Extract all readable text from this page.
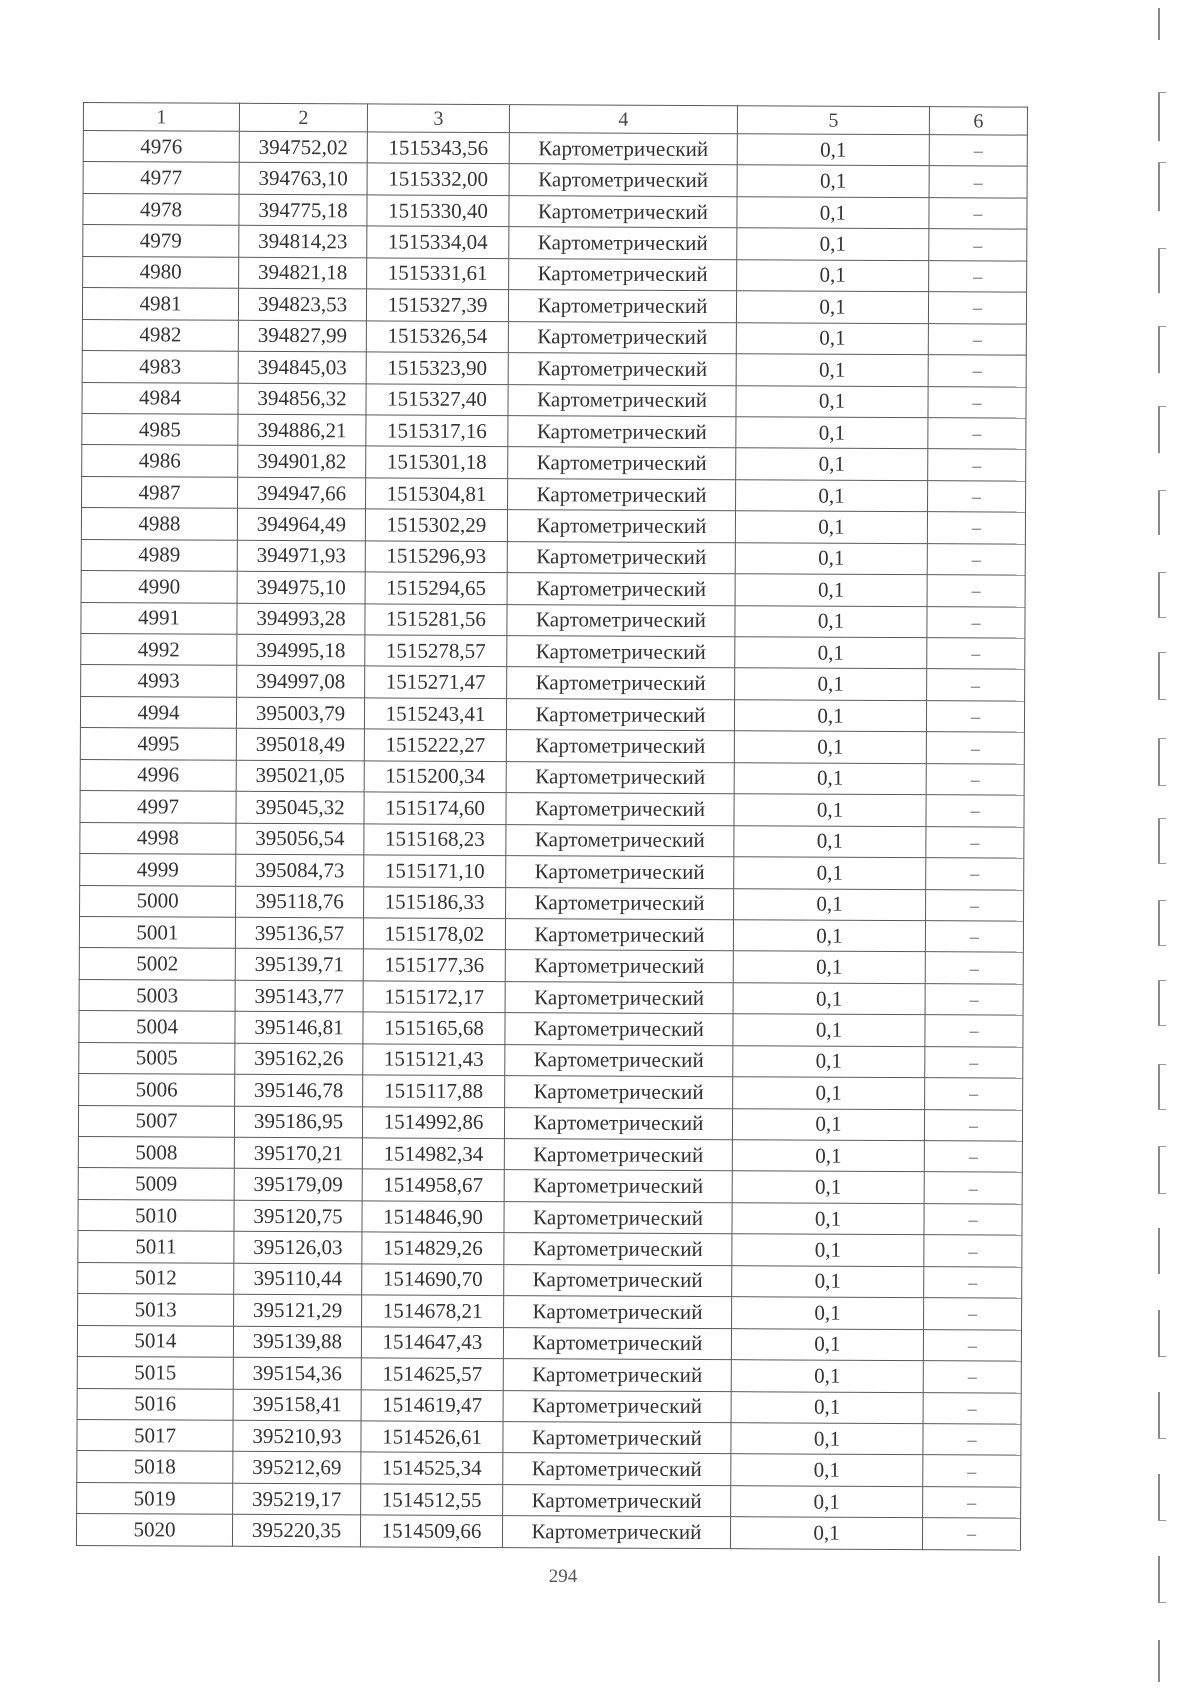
1	2	3	4	5	6
4976	394752,02	1515343,56	Картометрический	0,1	–
4977	394763,10	1515332,00	Картометрический	0,1	–
4978	394775,18	1515330,40	Картометрический	0,1	–
4979	394814,23	1515334,04	Картометрический	0,1	–
4980	394821,18	1515331,61	Картометрический	0,1	–
4981	394823,53	1515327,39	Картометрический	0,1	–
4982	394827,99	1515326,54	Картометрический	0,1	–
4983	394845,03	1515323,90	Картометрический	0,1	–
4984	394856,32	1515327,40	Картометрический	0,1	–
4985	394886,21	1515317,16	Картометрический	0,1	–
4986	394901,82	1515301,18	Картометрический	0,1	–
4987	394947,66	1515304,81	Картометрический	0,1	–
4988	394964,49	1515302,29	Картометрический	0,1	–
4989	394971,93	1515296,93	Картометрический	0,1	–
4990	394975,10	1515294,65	Картометрический	0,1	–
4991	394993,28	1515281,56	Картометрический	0,1	–
4992	394995,18	1515278,57	Картометрический	0,1	–
4993	394997,08	1515271,47	Картометрический	0,1	–
4994	395003,79	1515243,41	Картометрический	0,1	–
4995	395018,49	1515222,27	Картометрический	0,1	–
4996	395021,05	1515200,34	Картометрический	0,1	–
4997	395045,32	1515174,60	Картометрический	0,1	–
4998	395056,54	1515168,23	Картометрический	0,1	–
4999	395084,73	1515171,10	Картометрический	0,1	–
5000	395118,76	1515186,33	Картометрический	0,1	–
5001	395136,57	1515178,02	Картометрический	0,1	–
5002	395139,71	1515177,36	Картометрический	0,1	–
5003	395143,77	1515172,17	Картометрический	0,1	–
5004	395146,81	1515165,68	Картометрический	0,1	–
5005	395162,26	1515121,43	Картометрический	0,1	–
5006	395146,78	1515117,88	Картометрический	0,1	–
5007	395186,95	1514992,86	Картометрический	0,1	–
5008	395170,21	1514982,34	Картометрический	0,1	–
5009	395179,09	1514958,67	Картометрический	0,1	–
5010	395120,75	1514846,90	Картометрический	0,1	–
5011	395126,03	1514829,26	Картометрический	0,1	–
5012	395110,44	1514690,70	Картометрический	0,1	–
5013	395121,29	1514678,21	Картометрический	0,1	–
5014	395139,88	1514647,43	Картометрический	0,1	–
5015	395154,36	1514625,57	Картометрический	0,1	–
5016	395158,41	1514619,47	Картометрический	0,1	–
5017	395210,93	1514526,61	Картометрический	0,1	–
5018	395212,69	1514525,34	Картометрический	0,1	–
5019	395219,17	1514512,55	Картометрический	0,1	–
5020	395220,35	1514509,66	Картометрический	0,1	–
294
